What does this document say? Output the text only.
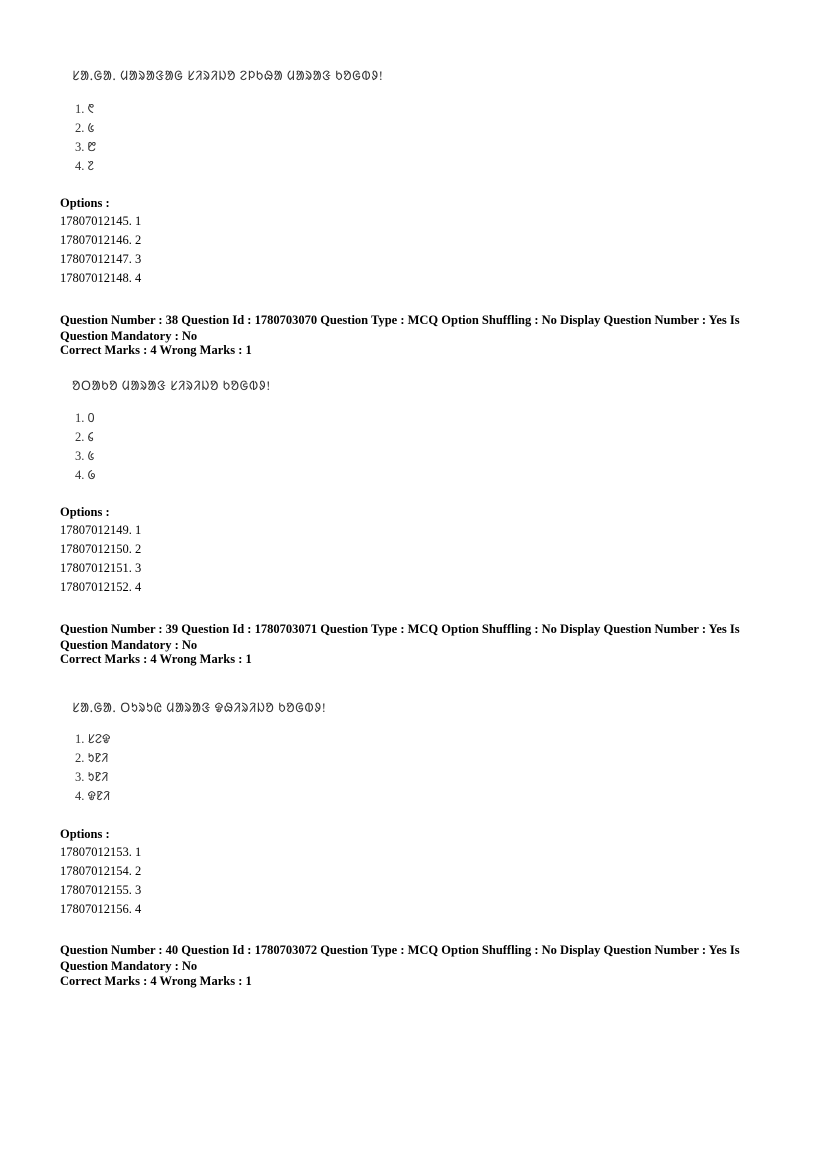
ᱥᱟᱹᱜᱟᱹ ᱢᱟᱨᱟᱝᱟᱜ ᱥᱤᱨᱤᱡᱚ ᱮᱞᱠᱷᱟ ᱢᱟᱨᱟᱝ ᱠᱚᱜᱵᱽ!
1. ᱖
2. ᱕
3. ᱘
4. ᱗
Options :
17807012145. 1
17807012146. 2
17807012147. 3
17807012148. 4
Question Number : 38 Question Id : 1780703070 Question Type : MCQ Option Shuffling : No Display Question Number : Yes Is
Question Mandatory : No
Correct Marks : 4 Wrong Marks : 1
ᱚᱛᱟᱠᱚ ᱢᱟᱨᱟᱝ ᱥᱤᱨᱤᱡᱚ ᱠᱚᱜᱵᱽ!
1. ᱐
2. ᱔
3. ᱕
4. ᱙
Options :
17807012149. 1
17807012150. 2
17807012151. 3
17807012152. 4
Question Number : 39 Question Id : 1780703071 Question Type : MCQ Option Shuffling : No Display Question Number : Yes Is
Question Mandatory : No
Correct Marks : 4 Wrong Marks : 1
ᱥᱟᱹᱜᱟᱹ ᱛᱩᱨᱩᱭ ᱢᱟᱨᱟᱝ ᱫᱷᱤᱨᱤᱡᱚ ᱠᱚᱜᱵᱽ!
1. ᱥᱮᱫ
2. ᱩᱱᱤ
3. ᱩᱱᱤ
4. ᱫᱱᱤ
Options :
17807012153. 1
17807012154. 2
17807012155. 3
17807012156. 4
Question Number : 40 Question Id : 1780703072 Question Type : MCQ Option Shuffling : No Display Question Number : Yes Is
Question Mandatory : No
Correct Marks : 4 Wrong Marks : 1
